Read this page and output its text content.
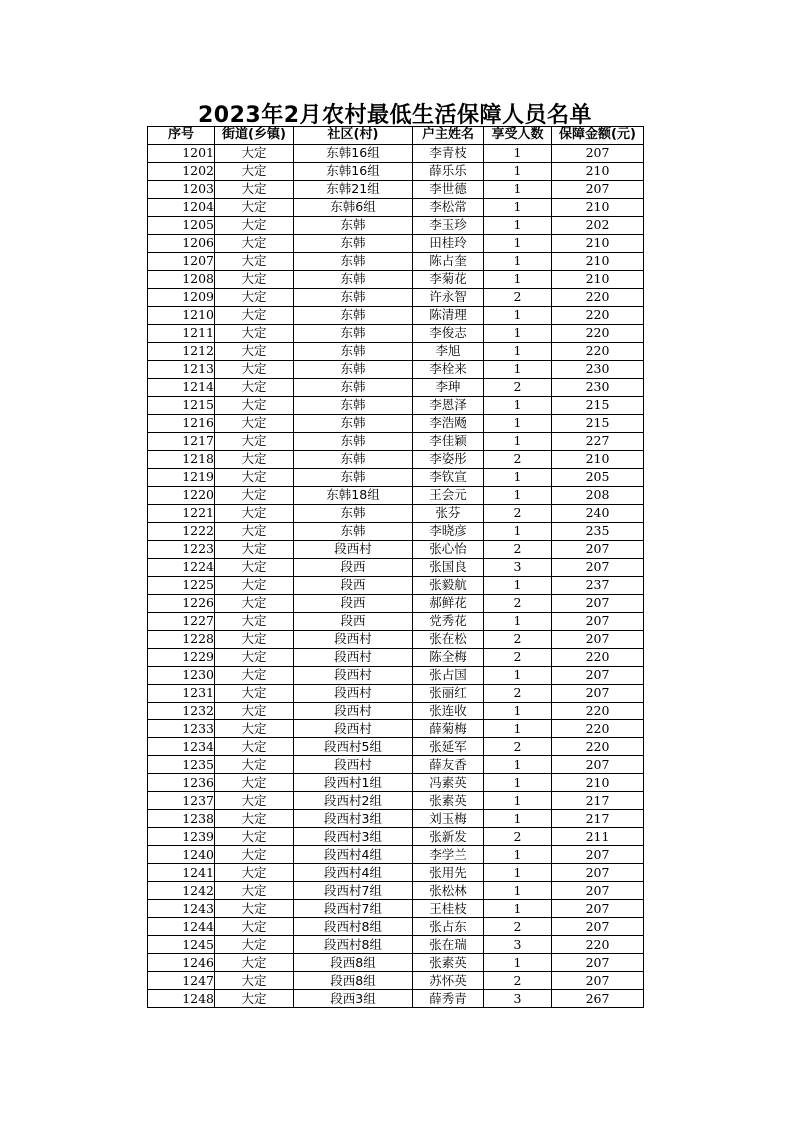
2023年2月农村最低生活保障人员名单
序号	街道(乡镇)	社区(村)	户主姓名	享受人数	保障金额(元)
1201	大定	东韩16组	李青枝	1	207
1202	大定	东韩16组	薛乐乐	1	210
1203	大定	东韩21组	李世德	1	207
1204	大定	东韩6组	李松常	1	210
1205	大定	东韩	李玉珍	1	202
1206	大定	东韩	田桂玲	1	210
1207	大定	东韩	陈占奎	1	210
1208	大定	东韩	李菊花	1	210
1209	大定	东韩	许永智	2	220
1210	大定	东韩	陈清理	1	220
1211	大定	东韩	李俊志	1	220
1212	大定	东韩	李旭	1	220
1213	大定	东韩	李栓来	1	230
1214	大定	东韩	李珅	2	230
1215	大定	东韩	李恩泽	1	215
1216	大定	东韩	李浩飏	1	215
1217	大定	东韩	李佳颖	1	227
1218	大定	东韩	李姿彤	2	210
1219	大定	东韩	李钦宣	1	205
1220	大定	东韩18组	王会元	1	208
1221	大定	东韩	张芬	2	240
1222	大定	东韩	李晓彦	1	235
1223	大定	段西村	张心怡	2	207
1224	大定	段西	张国良	3	207
1225	大定	段西	张毅航	1	237
1226	大定	段西	郝鲜花	2	207
1227	大定	段西	党秀花	1	207
1228	大定	段西村	张在松	2	207
1229	大定	段西村	陈全梅	2	220
1230	大定	段西村	张占国	1	207
1231	大定	段西村	张丽红	2	207
1232	大定	段西村	张连收	1	220
1233	大定	段西村	薛菊梅	1	220
1234	大定	段西村5组	张延军	2	220
1235	大定	段西村	薛友香	1	207
1236	大定	段西村1组	冯素英	1	210
1237	大定	段西村2组	张素英	1	217
1238	大定	段西村3组	刘玉梅	1	217
1239	大定	段西村3组	张新发	2	211
1240	大定	段西村4组	李学兰	1	207
1241	大定	段西村4组	张用先	1	207
1242	大定	段西村7组	张松林	1	207
1243	大定	段西村7组	王桂枝	1	207
1244	大定	段西村8组	张占东	2	207
1245	大定	段西村8组	张在瑞	3	220
1246	大定	段西8组	张素英	1	207
1247	大定	段西8组	苏怀英	2	207
1248	大定	段西3组	薛秀青	3	267
